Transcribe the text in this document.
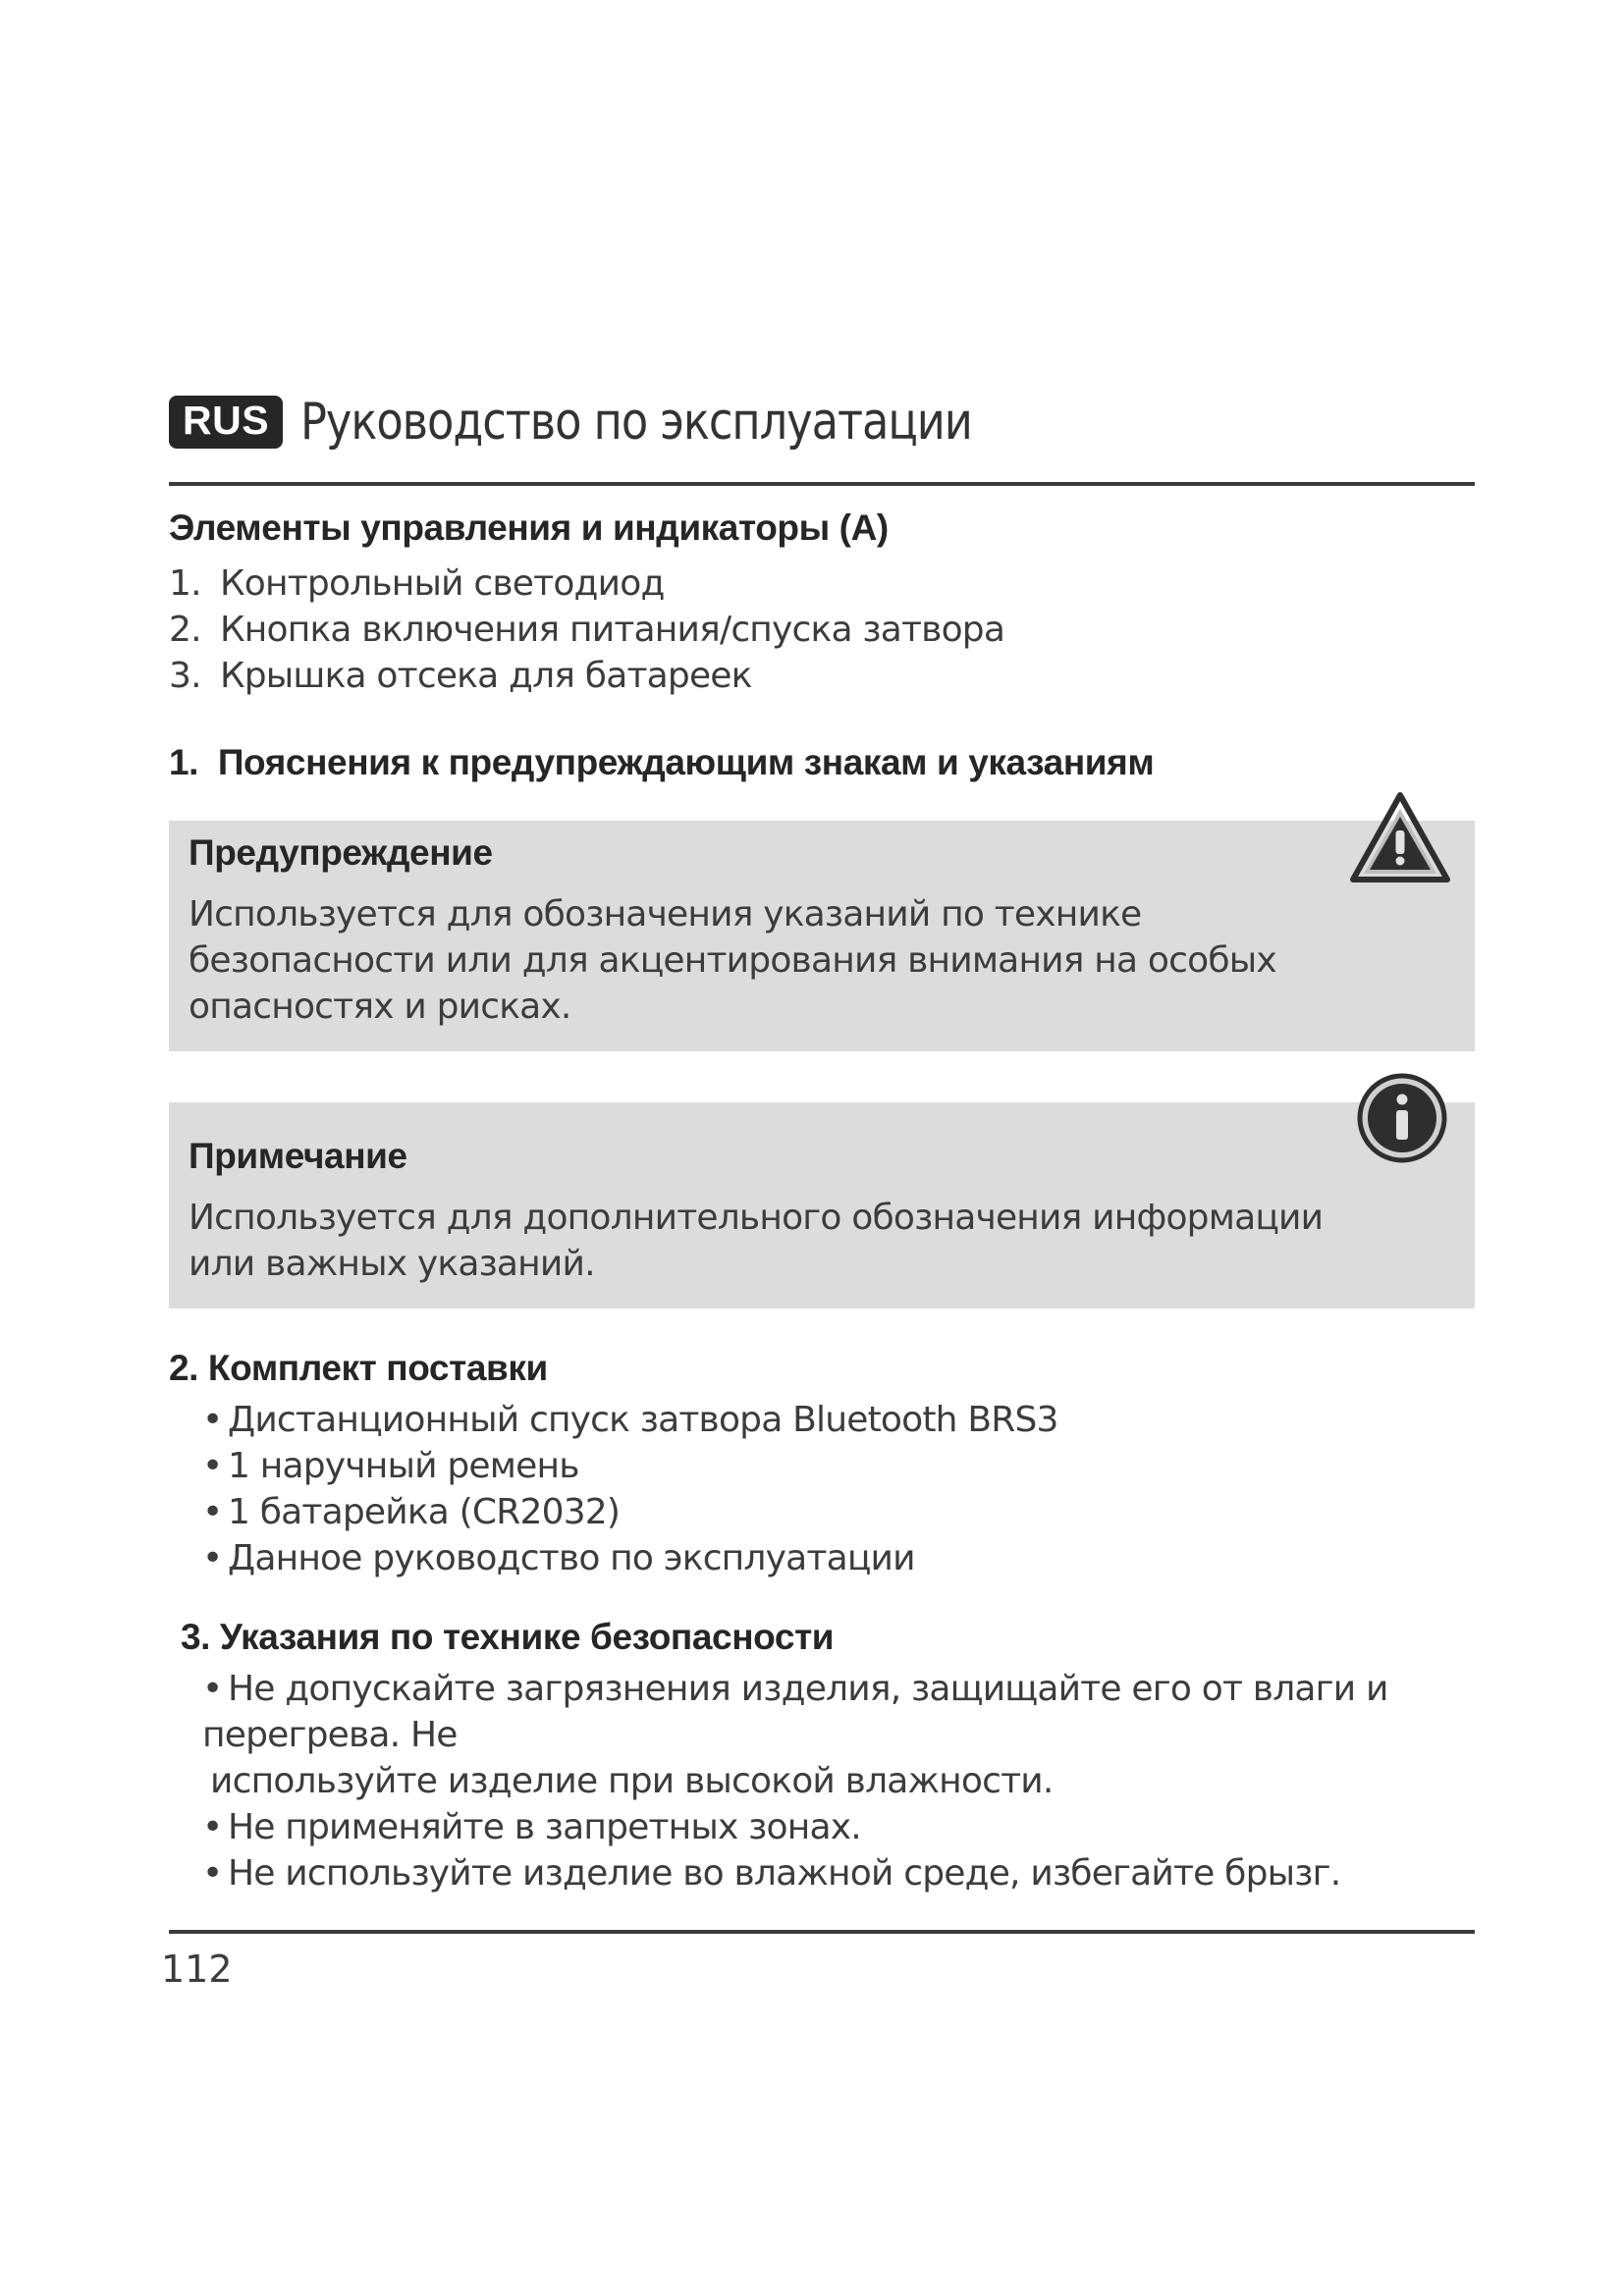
RUS Руководство по эксплуатации
Элементы управления и индикаторы (A)
1. Контрольный светодиод
2. Кнопка включения питания/спуска затвора
3. Крышка отсека для батареек
1.  Пояснения к предупреждающим знакам и указаниям
Предупреждение
Используется для обозначения указаний по технике безопасности или для акцентирования внимания на особых опасностях и рисках.
Примечание
Используется для дополнительного обозначения информации или важных указаний.
2. Комплект поставки
• Дистанционный спуск затвора Bluetooth BRS3
• 1 наручный ремень
• 1 батарейка (CR2032)
• Данное руководство по эксплуатации
3. Указания по технике безопасности
• Не допускайте загрязнения изделия, защищайте его от влаги и перегрева. Не
используйте изделие при высокой влажности.
• Не применяйте в запретных зонах.
• Не используйте изделие во влажной среде, избегайте брызг.
112
